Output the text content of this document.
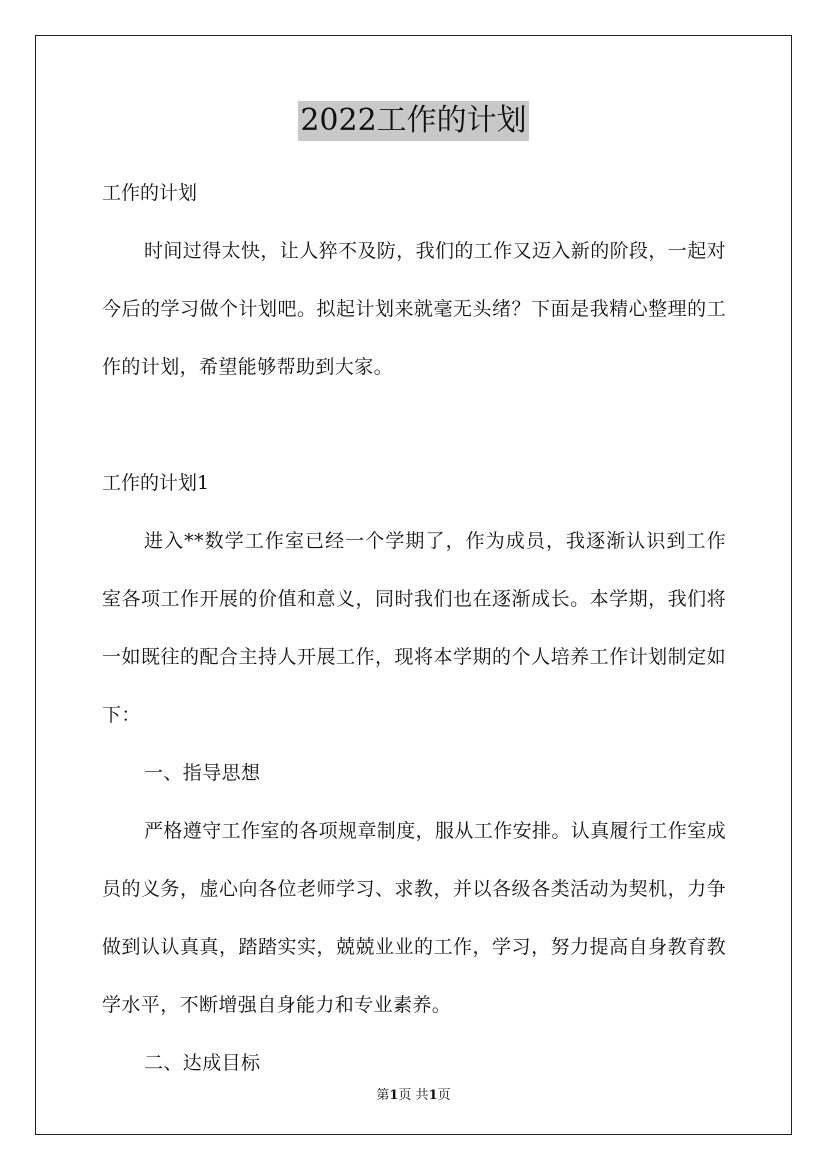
2022工作的计划

工作的计划

时间过得太快，让人猝不及防，我们的工作又迈入新的阶段，一起对今后的学习做个计划吧。拟起计划来就毫无头绪？下面是我精心整理的工作的计划，希望能够帮助到大家。

工作的计划1

进入**数学工作室已经一个学期了，作为成员，我逐渐认识到工作室各项工作开展的价值和意义，同时我们也在逐渐成长。本学期，我们将一如既往的配合主持人开展工作，现将本学期的个人培养工作计划制定如下：

一、指导思想

严格遵守工作室的各项规章制度，服从工作安排。认真履行工作室成员的义务，虚心向各位老师学习、求教，并以各级各类活动为契机，力争做到认认真真，踏踏实实，兢兢业业的工作，学习，努力提高自身教育教学水平，不断增强自身能力和专业素养。

二、达成目标

第1页 共1页
